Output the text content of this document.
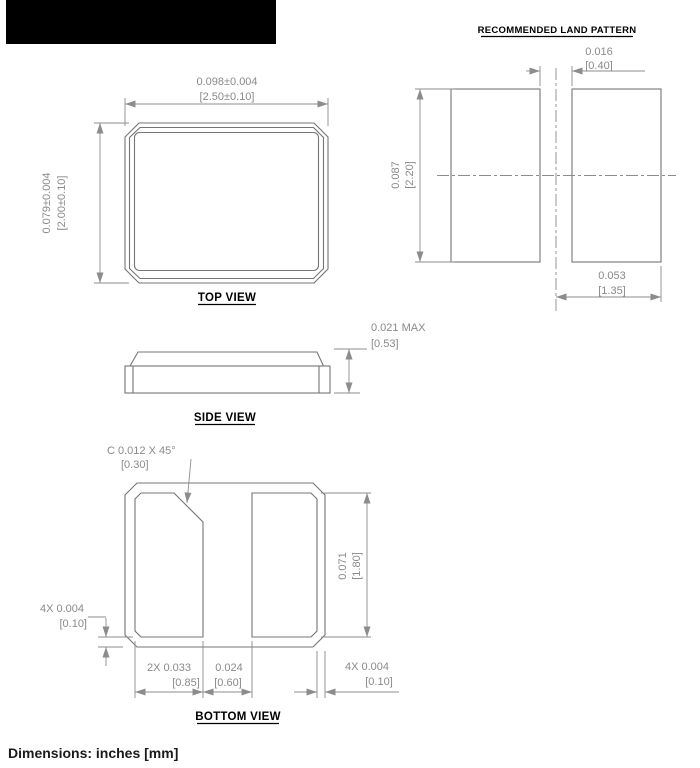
RECOMMENDED LAND PATTERN
0.016
[0.40]
0.087 [2.20]
0.053
[1.35]
0.098±0.004
[2.50±0.10]
0.079±0.004 [2.00±0.10]
TOP VIEW
0.021 MAX
[0.53]
SIDE VIEW
C 0.012 X 45°
[0.30]
0.071 [1.80]
4X 0.004
[0.10]
2X 0.033
[0.85]
0.024
[0.60]
4X 0.004
[0.10]
BOTTOM VIEW
Dimensions: inches [mm]
